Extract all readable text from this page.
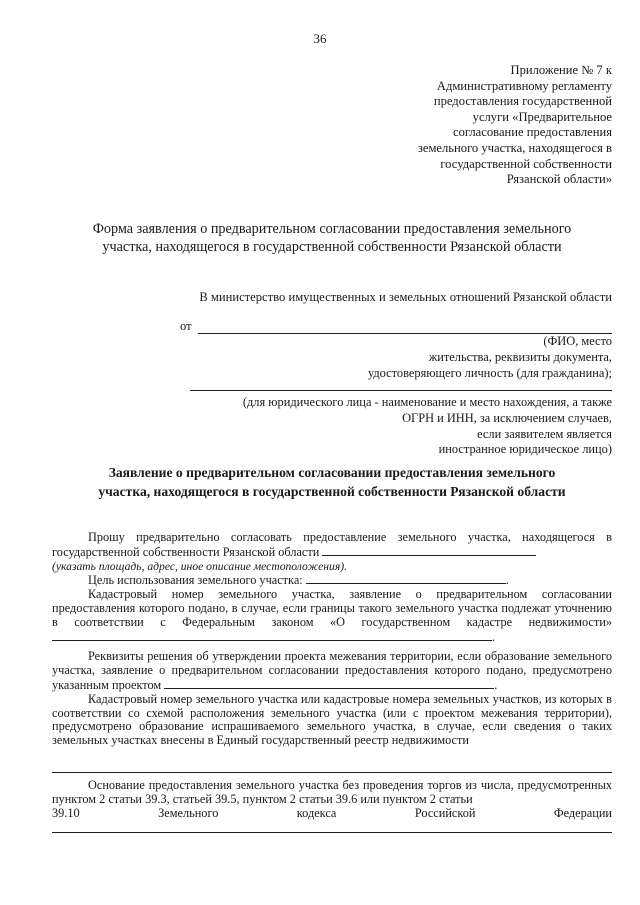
36
Приложение № 7 к
Административному регламенту
предоставления государственной
услуги «Предварительное
согласование предоставления
земельного участка, находящегося в
государственной собственности
Рязанской области»
Форма заявления о предварительном согласовании предоставления земельного
участка, находящегося в государственной собственности Рязанской области
В министерство имущественных и земельных отношений Рязанской области
от
(ФИО, место
жительства, реквизиты документа,
удостоверяющего личность (для гражданина);
(для юридического лица - наименование и место нахождения, а также
ОГРН и ИНН, за исключением случаев,
если заявителем является
иностранное юридическое лицо)
Заявление о предварительном согласовании предоставления земельного
участка, находящегося в государственной собственности Рязанской области

Прошу предварительно согласовать предоставление земельного участка, находящегося в государственной собственности Рязанской области

(указать площадь, адрес, иное описание местоположения).

Цель использования земельного участка:	.

Кадастровый номер земельного участка, заявление о предварительном согласовании предоставления которого подано, в случае, если границы такого земельного участка подлежат уточнению в соответствии с Федеральным законом «О государственном кадастре недвижимости» .

Реквизиты решения об утверждении проекта межевания территории, если образование земельного участка, заявление о предварительном согласовании предоставления которого подано, предусмотрено указанным проектом	.

Кадастровый номер земельного участка или кадастровые номера земельных участков, из которых в соответствии со схемой расположения земельного участка (или с проектом межевания территории), предусмотрено образование испрашиваемого земельного участка, в случае, если сведения о таких земельных участках внесены в Единый государственный реестр недвижимости

Основание предоставления земельного участка без проведения торгов из числа, предусмотренных пунктом 2 статьи 39.3, статьей 39.5, пунктом 2 статьи 39.6 или пунктом 2 статьи

39.10	Земельного	кодекса	Российской	Федерации
